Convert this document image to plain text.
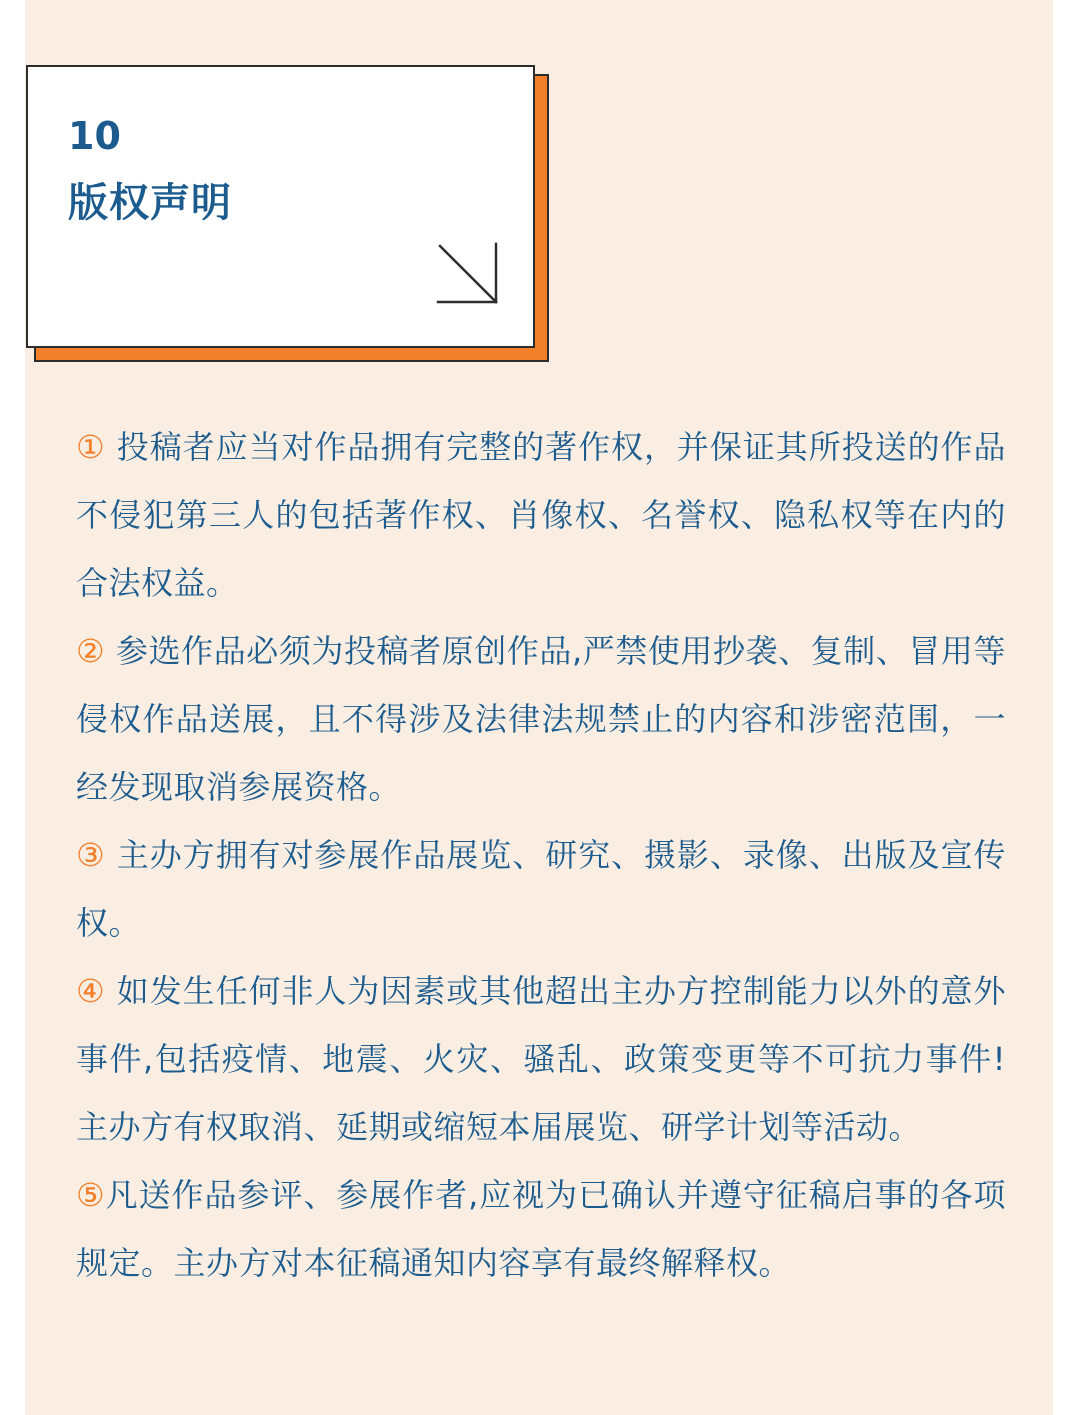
10
版权声明

① 投稿者应当对作品拥有完整的著作权，并保证其所投送的作品不侵犯第三人的包括著作权、肖像权、名誉权、隐私权等在内的合法权益。

② 参选作品必须为投稿者原创作品,严禁使用抄袭、复制、冒用等侵权作品送展，且不得涉及法律法规禁止的内容和涉密范围，一经发现取消参展资格。

③ 主办方拥有对参展作品展览、研究、摄影、录像、出版及宣传权。

④ 如发生任何非人为因素或其他超出主办方控制能力以外的意外事件,包括疫情、地震、火灾、骚乱、政策变更等不可抗力事件!主办方有权取消、延期或缩短本届展览、研学计划等活动。

⑤凡送作品参评、参展作者,应视为已确认并遵守征稿启事的各项规定。主办方对本征稿通知内容享有最终解释权。
